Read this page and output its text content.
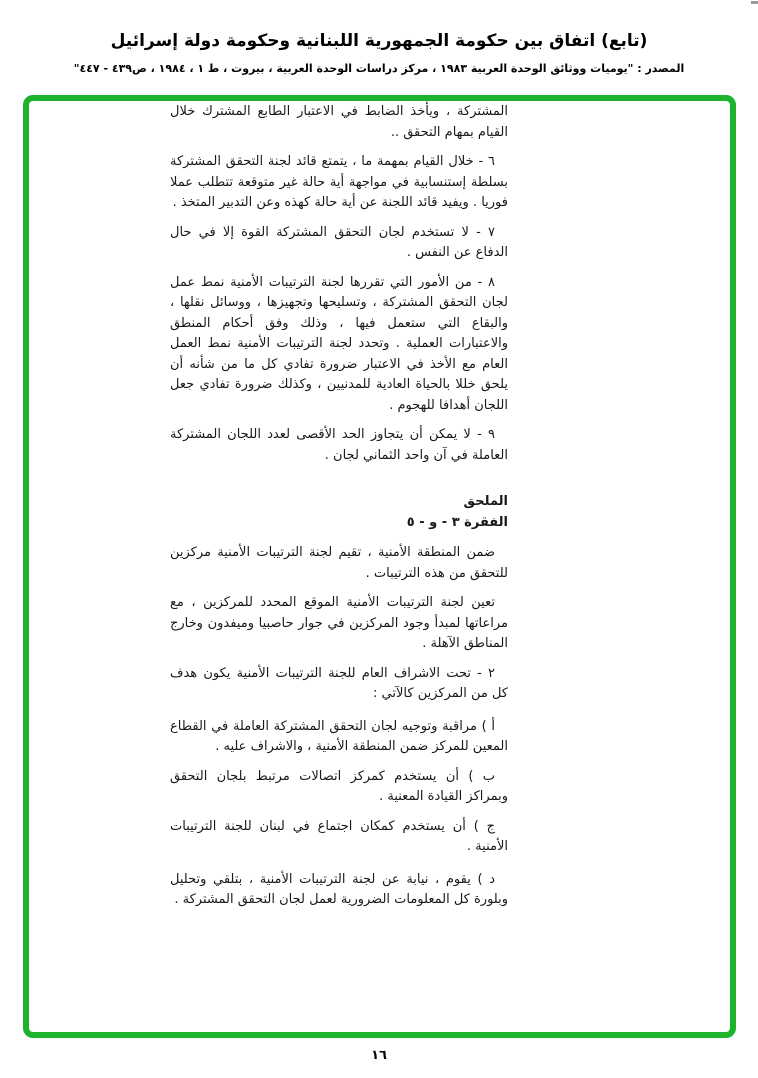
(تابع) اتفاق بين حكومة الجمهورية اللبنانية وحكومة دولة إسرائيل
المصدر : "يوميات ووثائق الوحدة العربية ١٩٨٣ ، مركز دراسات الوحدة العربية ، بيروت ، ط ١ ، ١٩٨٤ ، ص٤٣٩ - ٤٤٧"

المشتركة ، ويأخذ الضابط في الاعتبار الطابع المشترك خلال القيام بمهام التحقق ..

٦ - خلال القيام بمهمة ما ، يتمتع قائد لجنة التحقق المشتركة بسلطة إستنسابية في مواجهة أية حالة غير متوقعة تتطلب عملا فوريا . ويفيد قائد اللجنة عن أية حالة كهذه وعن التدبير المتخذ .

٧ - لا تستخدم لجان التحقق المشتركة القوة إلا في حال الدفاع عن النفس .

٨ - من الأمور التي تقررها لجنة الترتيبات الأمنية نمط عمل لجان التحقق المشتركة ، وتسليحها وتجهيزها ، ووسائل نقلها ، والبقاع التي ستعمل فيها ، وذلك وفق أحكام المنطق والاعتبارات العملية . وتحدد لجنة الترتيبات الأمنية نمط العمل العام مع الأخذ في الاعتبار ضرورة تفادي كل ما من شأنه أن يلحق خللا بالحياة العادية للمدنيين ، وكذلك ضرورة تفادي جعل اللجان أهدافا للهجوم .

٩ - لا يمكن أن يتجاوز الحد الأقصى لعدد اللجان المشتركة العاملة في آن واحد الثماني لجان .

الملحق

الفقرة ٣ - و - ٥

ضمن المنطقة الأمنية ، تقيم لجنة الترتيبات الأمنية مركزين للتحقق من هذه الترتيبات .

تعين لجنة الترتيبات الأمنية الموقع المحدد للمركزين ، مع مراعاتها لمبدأ وجود المركزين في جوار حاصبيا وميفدون وخارج المناطق الآهلة .

٢ - تحت الاشراف العام للجنة الترتيبات الأمنية يكون هدف كل من المركزين كالآتي :

أ ) مراقبة وتوجيه لجان التحقق المشتركة العاملة في القطاع المعين للمركز ضمن المنطقة الأمنية ، والاشراف عليه .

ب ) أن يستخدم كمركز اتصالات مرتبط بلجان التحقق وبمراكز القيادة المعنية .

ج ) أن يستخدم كمكان اجتماع في لبنان للجنة الترتيبات الأمنية .

د ) يقوم ، نيابة عن لجنة الترتيبات الأمنية ، بتلقي وتحليل وبلورة كل المعلومات الضرورية لعمل لجان التحقق المشتركة .

١٦
